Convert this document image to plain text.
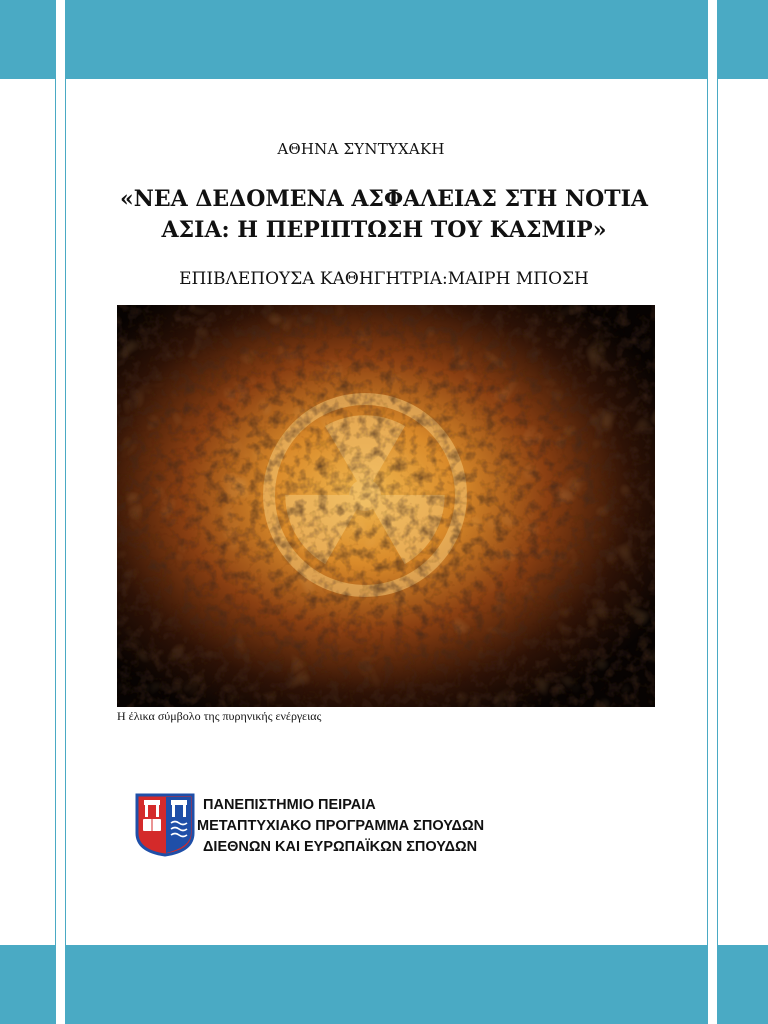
ΑΘΗΝΑ ΣΥΝΤΥΧΑΚΗ
«ΝΕΑ ΔΕΔΟΜΕΝΑ ΑΣΦΑΛΕΙΑΣ ΣΤΗ ΝΟΤΙΑ
ΑΣΙΑ: Η ΠΕΡΙΠΤΩΣΗ ΤΟΥ ΚΑΣΜΙΡ»
ΕΠΙΒΛΕΠΟΥΣΑ ΚΑΘΗΓΗΤΡΙΑ:ΜΑΙΡΗ ΜΠΟΣΗ
Η έλικα σύμβολο της πυρηνικής ενέργειας
ΠΑΝΕΠΙΣΤΗΜΙΟ ΠΕΙΡΑΙΑ
ΜΕΤΑΠΤΥΧΙΑΚΟ ΠΡΟΓΡΑΜΜΑ ΣΠΟΥΔΩΝ
ΔΙΕΘΝΩΝ ΚΑΙ ΕΥΡΩΠΑΪΚΩΝ ΣΠΟΥΔΩΝ
